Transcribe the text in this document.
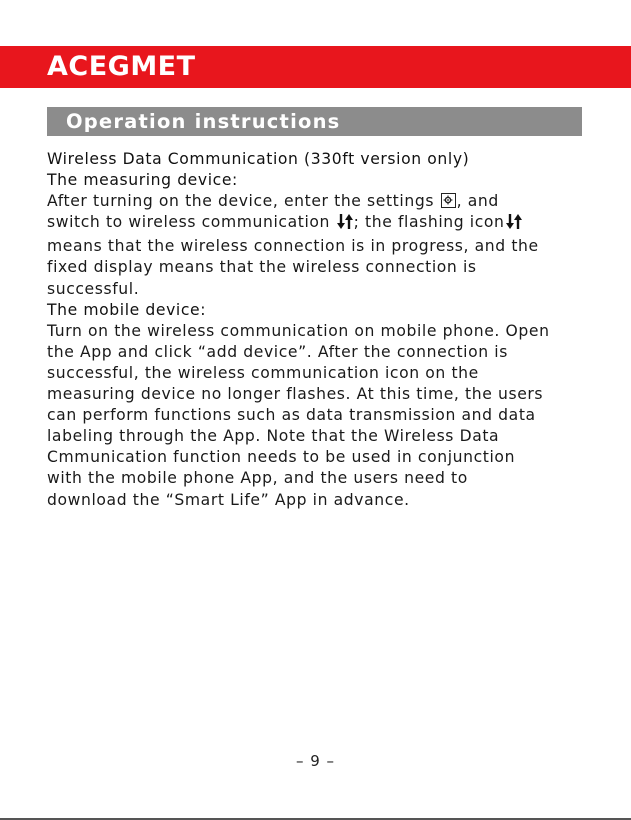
ACEGMET
Operation instructions

Wireless Data Communication (330ft version only)

The measuring device:

After turning on the device, enter the settings
, and

switch to wireless communication ; the flashing icon

means that the wireless connection is in progress, and the

fixed display means that the wireless connection is

successful.

The mobile device:

Turn on the wireless communication on mobile phone. Open

the App and click “add device”. After the connection is

successful, the wireless communication icon on the

measuring device no longer flashes. At this time, the users

can perform functions such as data transmission and data

labeling through the App. Note that the Wireless Data

Cmmunication function needs to be used in conjunction

with the mobile phone App, and the users need to

download the “Smart Life” App in advance.

– 9 –
